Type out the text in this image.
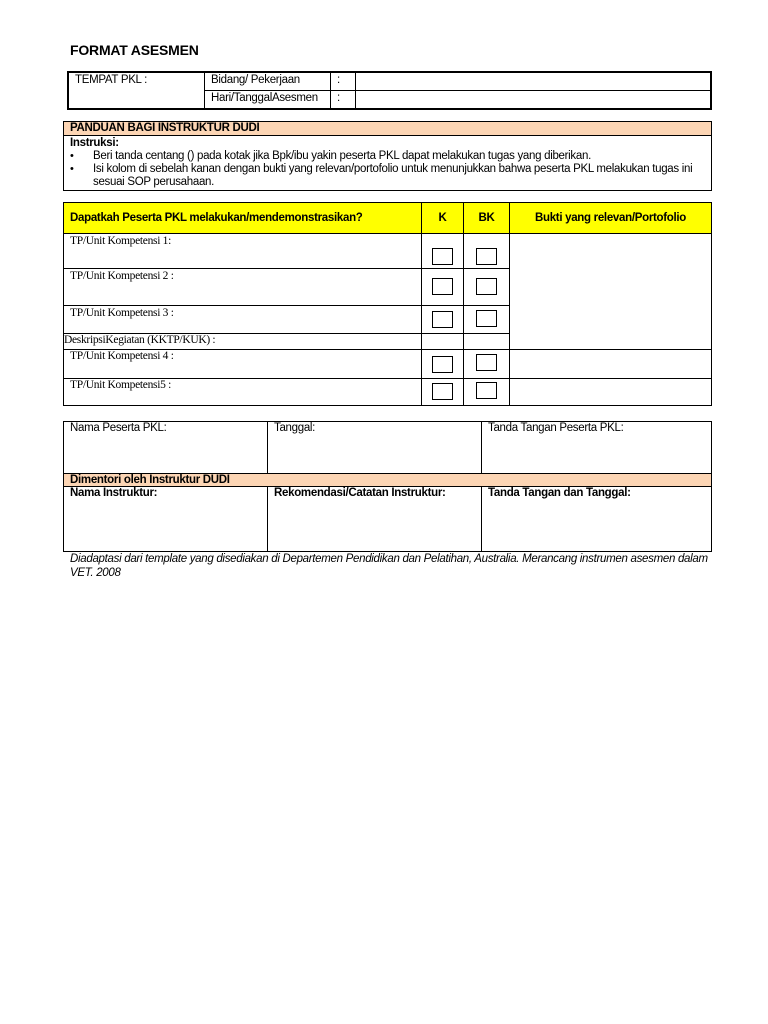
FORMAT ASESMEN
TEMPAT PKL :	Bidang/ Pekerjaan	:	
	Hari/TanggalAsesmen	:	
PANDUAN BAGI INSTRUKTUR DUDI
Instruksi:
• Beri tanda centang () pada kotak jika Bpk/ibu yakin peserta PKL dapat melakukan tugas yang diberikan.
• Isi kolom di sebelah kanan dengan bukti yang relevan/portofolio untuk menunjukkan bahwa peserta PKL melakukan tugas ini sesuai SOP perusahaan.
Dapatkah Peserta PKL melakukan/mendemonstrasikan?	K	BK	Bukti yang relevan/Portofolio
TP/Unit Kompetensi 1:	

TP/Unit Kompetensi 2 :		

TP/Unit Kompetensi 3 :		

DeskripsiKegiatan (KKTP/KUK) :			
TP/Unit Kompetensi 4 :	

TP/Unit Kompetensi5 :	

Nama Peserta PKL:	Tanggal:	Tanda Tangan Peserta PKL:
Dimentori oleh Instruktur DUDI		
Nama Instruktur:	Rekomendasi/Catatan Instruktur:	Tanda Tangan dan Tanggal:
Diadaptasi dari template yang disediakan di Departemen Pendidikan dan Pelatihan, Australia. Merancang instrumen asesmen dalam VET. 2008
